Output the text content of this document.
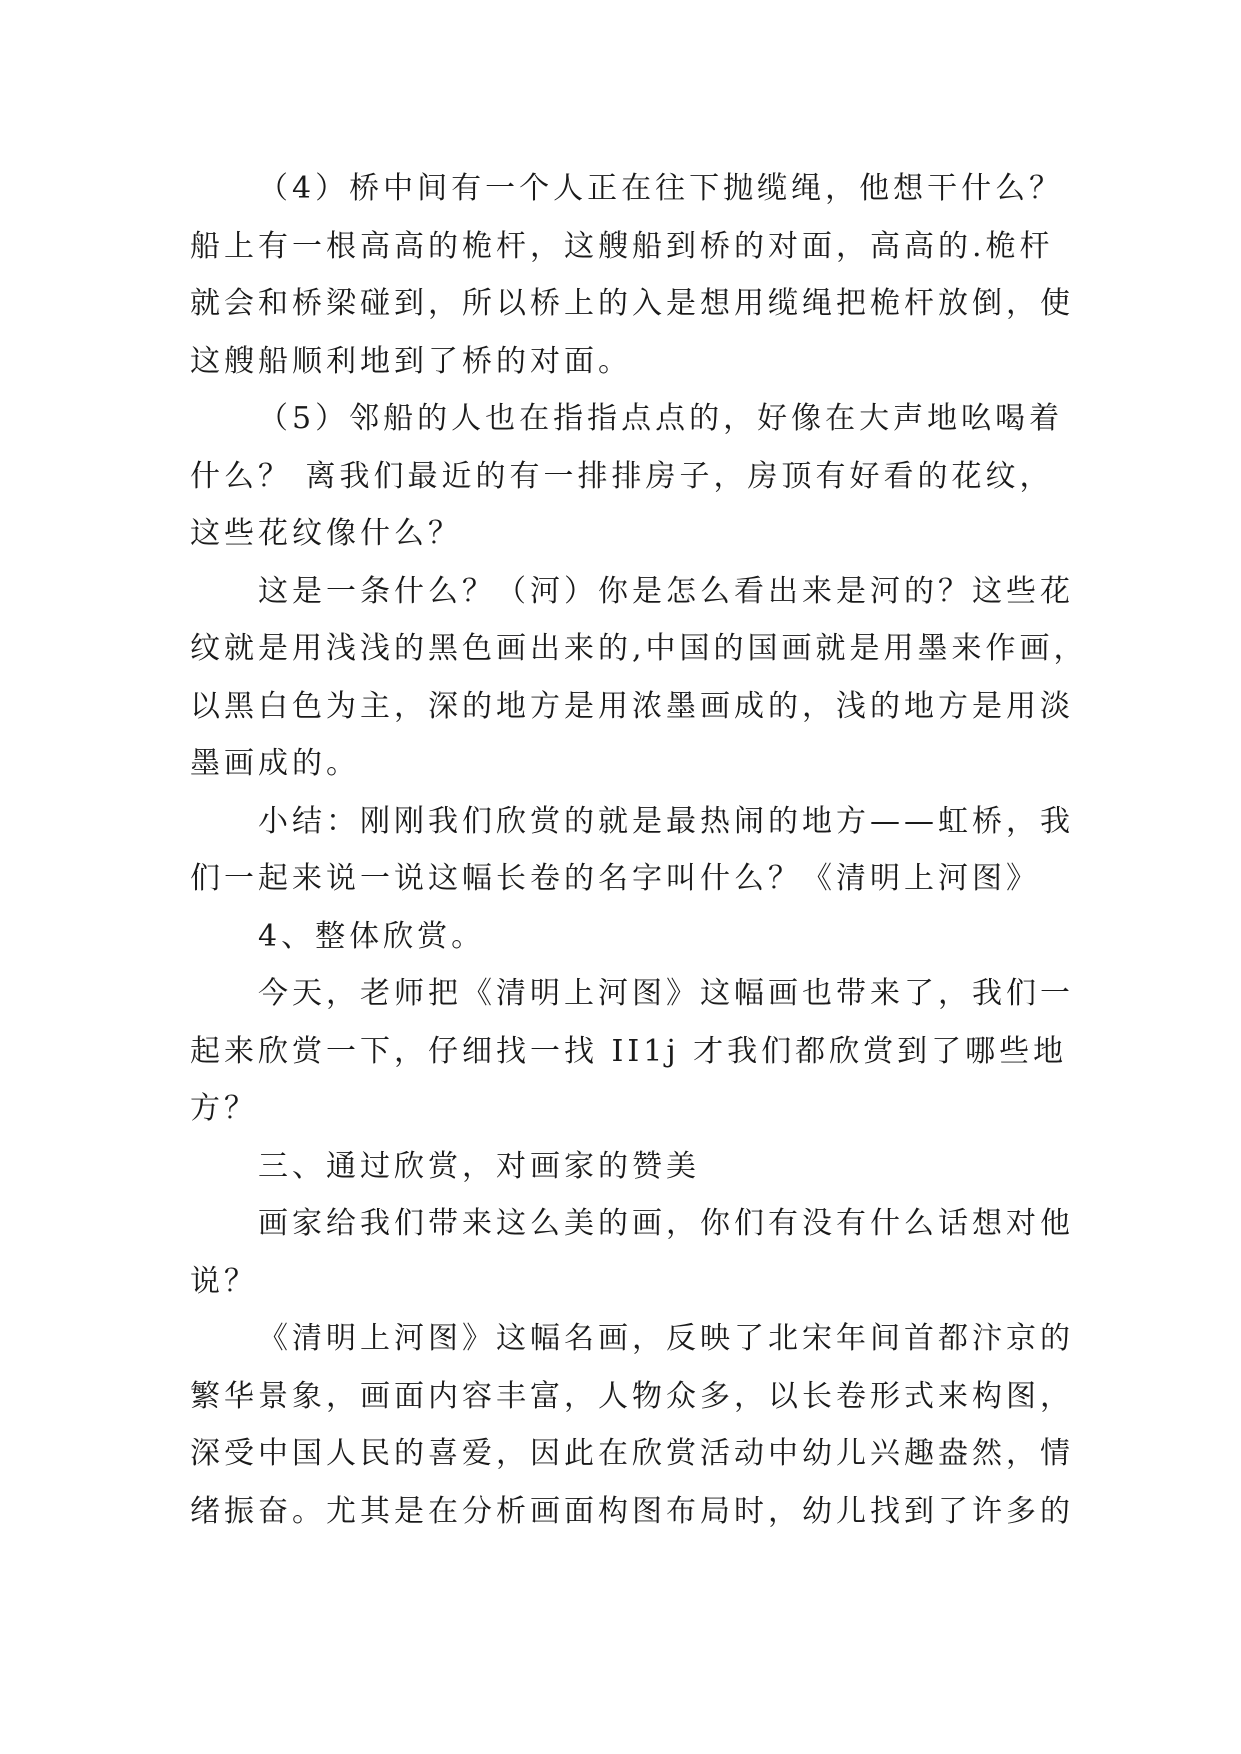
（4）桥中间有一个人正在往下抛缆绳，他想干什么？
船上有一根高高的桅杆，这艘船到桥的对面，高高的.桅杆
就会和桥梁碰到，所以桥上的入是想用缆绳把桅杆放倒，使
这艘船顺利地到了桥的对面。

（5）邻船的人也在指指点点的，好像在大声地吆喝着
什么？ 离我们最近的有一排排房子，房顶有好看的花纹，
这些花纹像什么？

这是一条什么？（河）你是怎么看出来是河的？这些花
纹就是用浅浅的黑色画出来的,中国的国画就是用墨来作画，
以黑白色为主，深的地方是用浓墨画成的，浅的地方是用淡
墨画成的。

小结：刚刚我们欣赏的就是最热闹的地方——虹桥，我
们一起来说一说这幅长卷的名字叫什么？《清明上河图》

4、整体欣赏。

今天，老师把《清明上河图》这幅画也带来了，我们一
起来欣赏一下，仔细找一找 II1j 才我们都欣赏到了哪些地
方？

三、通过欣赏，对画家的赞美

画家给我们带来这么美的画，你们有没有什么话想对他
说？

《清明上河图》这幅名画，反映了北宋年间首都汴京的
繁华景象，画面内容丰富，人物众多，以长卷形式来构图，
深受中国人民的喜爱，因此在欣赏活动中幼儿兴趣盎然，情
绪振奋。尤其是在分析画面构图布局时，幼儿找到了许多的
